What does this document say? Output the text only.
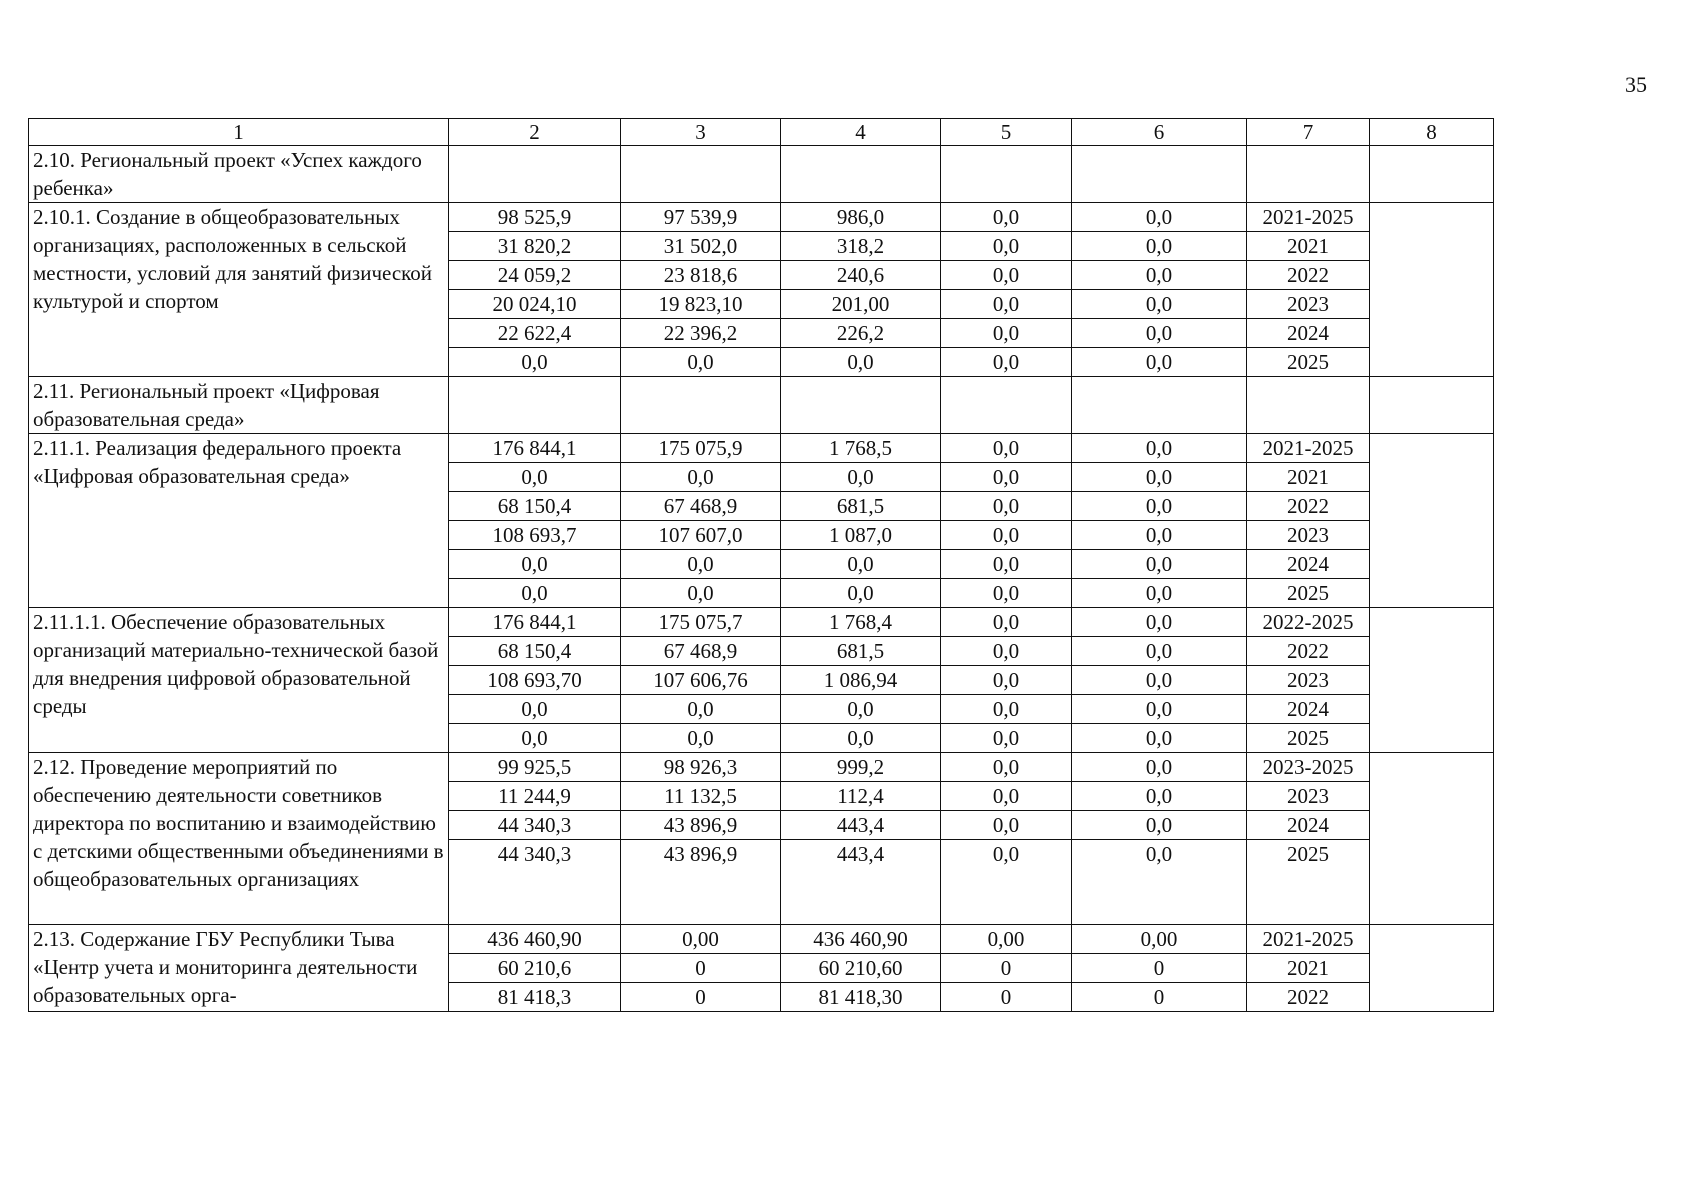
35
1	2	3	4	5	6	7	8
2.10. Региональный проект «Успех каждого ребенка»							
2.10.1. Создание в общеобразовательных организациях, расположенных в сельской местности, условий для занятий физической культурой и спортом	98 525,9	97 539,9	986,0	0,0	0,0	2021-2025	
	31 820,2	31 502,0	318,2	0,0	0,0	2021	
	24 059,2	23 818,6	240,6	0,0	0,0	2022	
	20 024,10	19 823,10	201,00	0,0	0,0	2023	
	22 622,4	22 396,2	226,2	0,0	0,0	2024	
	0,0	0,0	0,0	0,0	0,0	2025	
2.11. Региональный проект «Цифровая образовательная среда»							
2.11.1. Реализация федерального проекта «Цифровая образовательная среда»	176 844,1	175 075,9	1 768,5	0,0	0,0	2021-2025	
	0,0	0,0	0,0	0,0	0,0	2021	
	68 150,4	67 468,9	681,5	0,0	0,0	2022	
	108 693,7	107 607,0	1 087,0	0,0	0,0	2023	
	0,0	0,0	0,0	0,0	0,0	2024	
	0,0	0,0	0,0	0,0	0,0	2025	
2.11.1.1. Обеспечение образовательных организаций материально-технической базой для внедрения цифровой образовательной среды	176 844,1	175 075,7	1 768,4	0,0	0,0	2022-2025	
	68 150,4	67 468,9	681,5	0,0	0,0	2022	
	108 693,70	107 606,76	1 086,94	0,0	0,0	2023	
	0,0	0,0	0,0	0,0	0,0	2024	
	0,0	0,0	0,0	0,0	0,0	2025	
2.12. Проведение мероприятий по обеспечению деятельности советников директора по воспитанию и взаимодействию с детскими общественными объединениями в общеобразовательных организациях	99 925,5	98 926,3	999,2	0,0	0,0	2023-2025	
	11 244,9	11 132,5	112,4	0,0	0,0	2023	
	44 340,3	43 896,9	443,4	0,0	0,0	2024	
	44 340,3	43 896,9	443,4	0,0	0,0	2025	
2.13. Содержание ГБУ Республики Тыва «Центр учета и мониторинга деятельности образовательных орга-	436 460,90	0,00	436 460,90	0,00	0,00	2021-2025	
	60 210,6	0	60 210,60	0	0	2021	
	81 418,3	0	81 418,30	0	0	2022	
